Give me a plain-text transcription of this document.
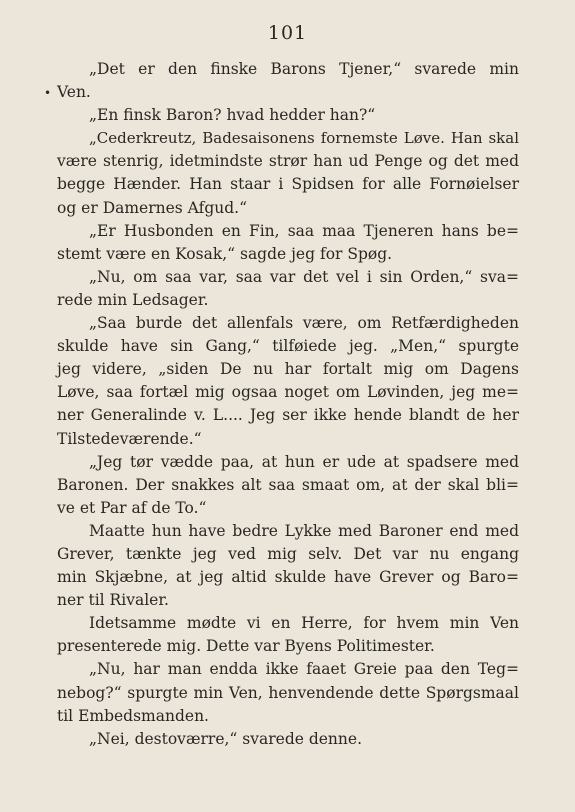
101
•
„Det er den finske Barons Tjener,“ svarede min
Ven.
„En finsk Baron? hvad hedder han?“
„Cederkreutz, Badesaisonens fornemste Løve. Han skal
være stenrig, idetmindste strør han ud Penge og det med
begge Hænder. Han staar i Spidsen for alle Fornøielser
og er Damernes Afgud.“
„Er Husbonden en Fin, saa maa Tjeneren hans be=
stemt være en Kosak,“ sagde jeg for Spøg.
„Nu, om saa var, saa var det vel i sin Orden,“ sva=
rede min Ledsager.
„Saa burde det allenfals være, om Retfærdigheden
skulde have sin Gang,“ tilføiede jeg. „Men,“ spurgte
jeg videre, „siden De nu har fortalt mig om Dagens
Løve, saa fortæl mig ogsaa noget om Løvinden, jeg me=
ner Generalinde v. L.... Jeg ser ikke hende blandt de her
Tilstedeværende.“
„Jeg tør vædde paa, at hun er ude at spadsere med
Baronen. Der snakkes alt saa smaat om, at der skal bli=
ve et Par af de To.“
Maatte hun have bedre Lykke med Baroner end med
Grever, tænkte jeg ved mig selv. Det var nu engang
min Skjæbne, at jeg altid skulde have Grever og Baro=
ner til Rivaler.
Idetsamme mødte vi en Herre, for hvem min Ven
presenterede mig. Dette var Byens Politimester.
„Nu, har man endda ikke faaet Greie paa den Teg=
nebog?“ spurgte min Ven, henvendende dette Spørgsmaal
til Embedsmanden.
„Nei, destoværre,“ svarede denne.
